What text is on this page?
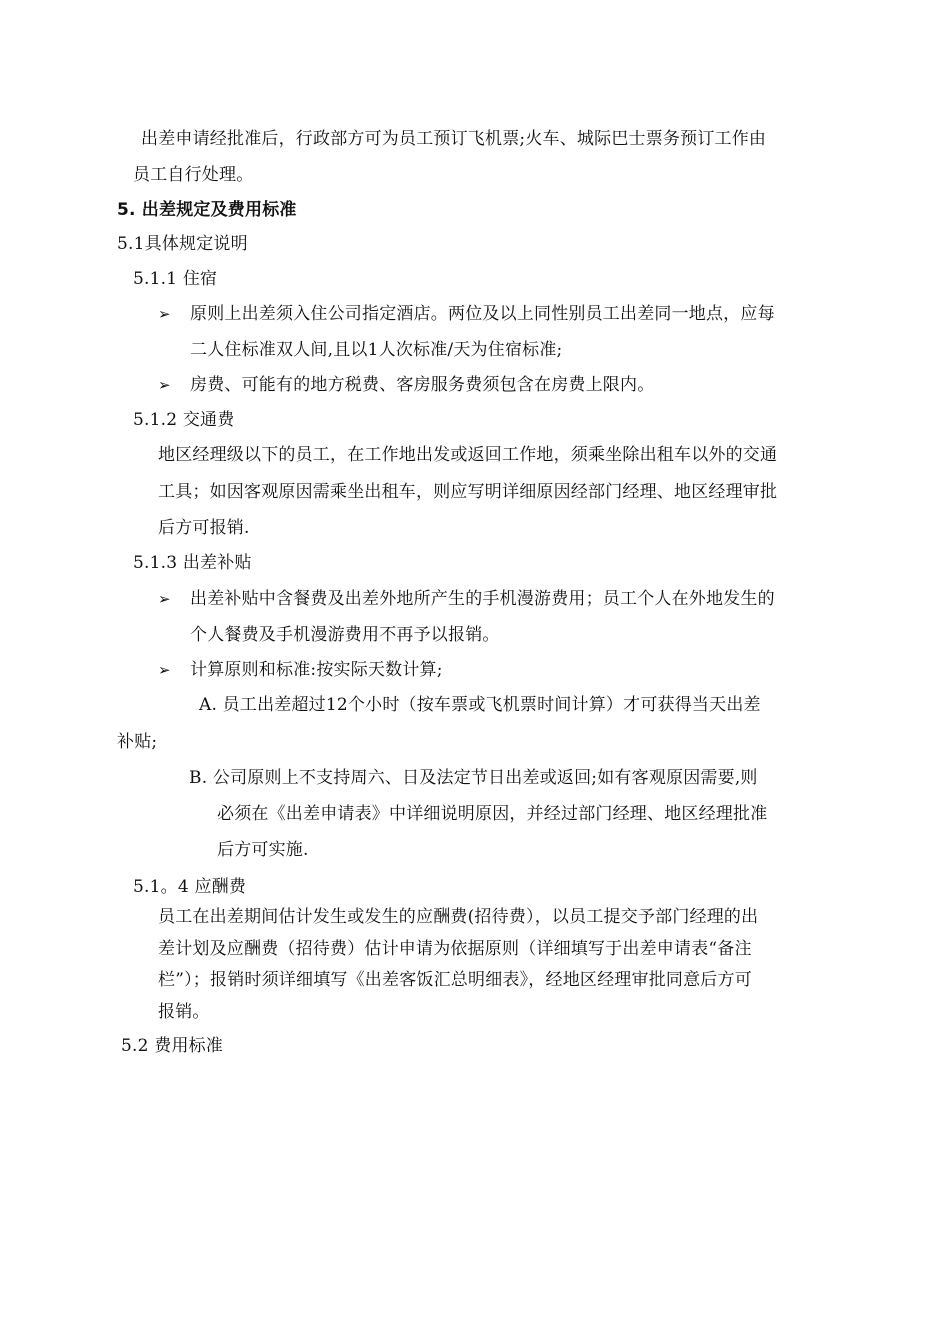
出差申请经批准后，行政部方可为员工预订飞机票;火车、城际巴士票务预订工作由
员工自行处理。
5. 出差规定及费用标准
5.1具体规定说明
5.1.1 住宿
➢ 原则上出差须入住公司指定酒店。两位及以上同性别员工出差同一地点，应每
二人住标准双人间,且以1人次标准/天为住宿标准;
➢ 房费、可能有的地方税费、客房服务费须包含在房费上限内。
5.1.2 交通费
地区经理级以下的员工，在工作地出发或返回工作地，须乘坐除出租车以外的交通
工具；如因客观原因需乘坐出租车，则应写明详细原因经部门经理、地区经理审批
后方可报销.
5.1.3 出差补贴
➢ 出差补贴中含餐费及出差外地所产生的手机漫游费用；员工个人在外地发生的
个人餐费及手机漫游费用不再予以报销。
➢ 计算原则和标准:按实际天数计算;
A. 员工出差超过12个小时（按车票或飞机票时间计算）才可获得当天出差
补贴;
B. 公司原则上不支持周六、日及法定节日出差或返回;如有客观原因需要,则
必须在《出差申请表》中详细说明原因，并经过部门经理、地区经理批准
后方可实施.
5.1。4 应酬费
员工在出差期间估计发生或发生的应酬费(招待费），以员工提交予部门经理的出
差计划及应酬费（招待费）估计申请为依据原则（详细填写于出差申请表“备注
栏”）；报销时须详细填写《出差客饭汇总明细表》，经地区经理审批同意后方可
报销。
5.2 费用标准
